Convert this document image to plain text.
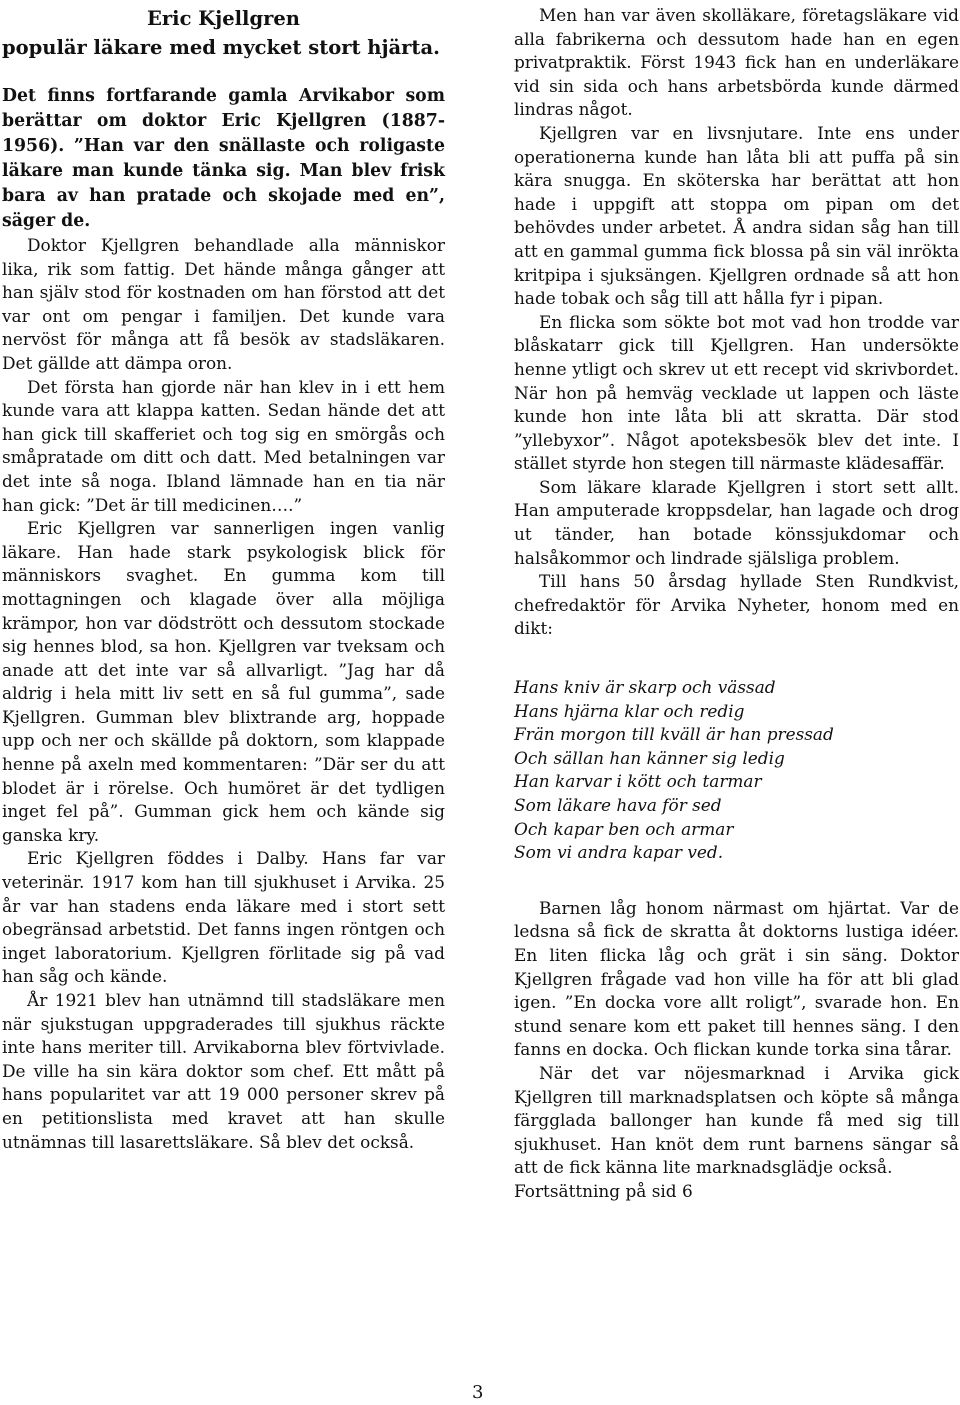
Eric Kjellgren
populär läkare med mycket stort hjärta.

Det finns fortfarande gamla Arvikabor som berättar om doktor Eric Kjellgren (1887-1956). ”Han var den snällaste och roligaste läkare man kunde tänka sig. Man blev frisk bara av han pratade och skojade med en”, säger de.

Doktor Kjellgren behandlade alla människor lika, rik som fattig. Det hände många gånger att han själv stod för kostnaden om han förstod att det var ont om pengar i familjen. Det kunde vara nervöst för många att få besök av stadsläkaren. Det gällde att dämpa oron.

Det första han gjorde när han klev in i ett hem kunde vara att klappa katten. Sedan hände det att han gick till skafferiet och tog sig en smörgås och småpratade om ditt och datt. Med betalningen var det inte så noga. Ibland lämnade han en tia när han gick: ”Det är till medicinen….”

Eric Kjellgren var sannerligen ingen vanlig läkare. Han hade stark psykologisk blick för människors svaghet. En gumma kom till mottagningen och klagade över alla möjliga krämpor, hon var dödstrött och dessutom stockade sig hennes blod, sa hon. Kjellgren var tveksam och anade att det inte var så allvarligt. ”Jag har då aldrig i hela mitt liv sett en så ful gumma”, sade Kjellgren. Gumman blev blixtrande arg, hoppade upp och ner och skällde på doktorn, som klappade henne på axeln med kommentaren: ”Där ser du att blodet är i rörelse. Och humöret är det tydligen inget fel på”. Gumman gick hem och kände sig ganska kry.

Eric Kjellgren föddes i Dalby. Hans far var veterinär. 1917 kom han till sjukhuset i Arvika. 25 år var han stadens enda läkare med i stort sett obegränsad arbetstid. Det fanns ingen röntgen och inget laboratorium. Kjellgren förlitade sig på vad han såg och kände.

År 1921 blev han utnämnd till stadsläkare men när sjukstugan uppgraderades till sjukhus räckte inte hans meriter till. Arvikaborna blev förtvivlade. De ville ha sin kära doktor som chef. Ett mått på hans popularitet var att 19 000 personer skrev på en petitionslista med kravet att han skulle utnämnas till lasarettsläkare. Så blev det också.

Men han var även skolläkare, företagsläkare vid alla fabrikerna och dessutom hade han en egen privatpraktik. Först 1943 fick han en underläkare vid sin sida och hans arbetsbörda kunde därmed lindras något.

Kjellgren var en livsnjutare. Inte ens under operationerna kunde han låta bli att puffa på sin kära snugga. En sköterska har berättat att hon hade i uppgift att stoppa om pipan om det behövdes under arbetet. Å andra sidan såg han till att en gammal gumma fick blossa på sin väl inrökta kritpipa i sjuksängen. Kjellgren ordnade så att hon hade tobak och såg till att hålla fyr i pipan.

En flicka som sökte bot mot vad hon trodde var blåskatarr gick till Kjellgren. Han undersökte henne ytligt och skrev ut ett recept vid skrivbordet. När hon på hemväg vecklade ut lappen och läste kunde hon inte låta bli att skratta. Där stod ”yllebyxor”. Något apoteksbesök blev det inte. I stället styrde hon stegen till närmaste klädesaffär.

Som läkare klarade Kjellgren i stort sett allt. Han amputerade kroppsdelar, han lagade och drog ut tänder, han botade könssjukdomar och halsåkommor och lindrade själsliga problem.

Till hans 50 årsdag hyllade Sten Rundkvist, chefredaktör för Arvika Nyheter, honom med en dikt:

Hans kniv är skarp och vässad
Hans hjärna klar och redig
Frän morgon till kväll är han pressad
Och sällan han känner sig ledig
Han karvar i kött och tarmar
Som läkare hava för sed
Och kapar ben och armar
Som vi andra kapar ved.

Barnen låg honom närmast om hjärtat. Var de ledsna så fick de skratta åt doktorns lustiga idéer. En liten flicka låg och grät i sin säng. Doktor Kjellgren frågade vad hon ville ha för att bli glad igen. ”En docka vore allt roligt”, svarade hon. En stund senare kom ett paket till hennes säng. I den fanns en docka. Och flickan kunde torka sina tårar.

När det var nöjesmarknad i Arvika gick Kjellgren till marknadsplatsen och köpte så många färgglada ballonger han kunde få med sig till sjukhuset. Han knöt dem runt barnens sängar så att de fick känna lite marknadsglädje också.

Fortsättning på sid 6

3
